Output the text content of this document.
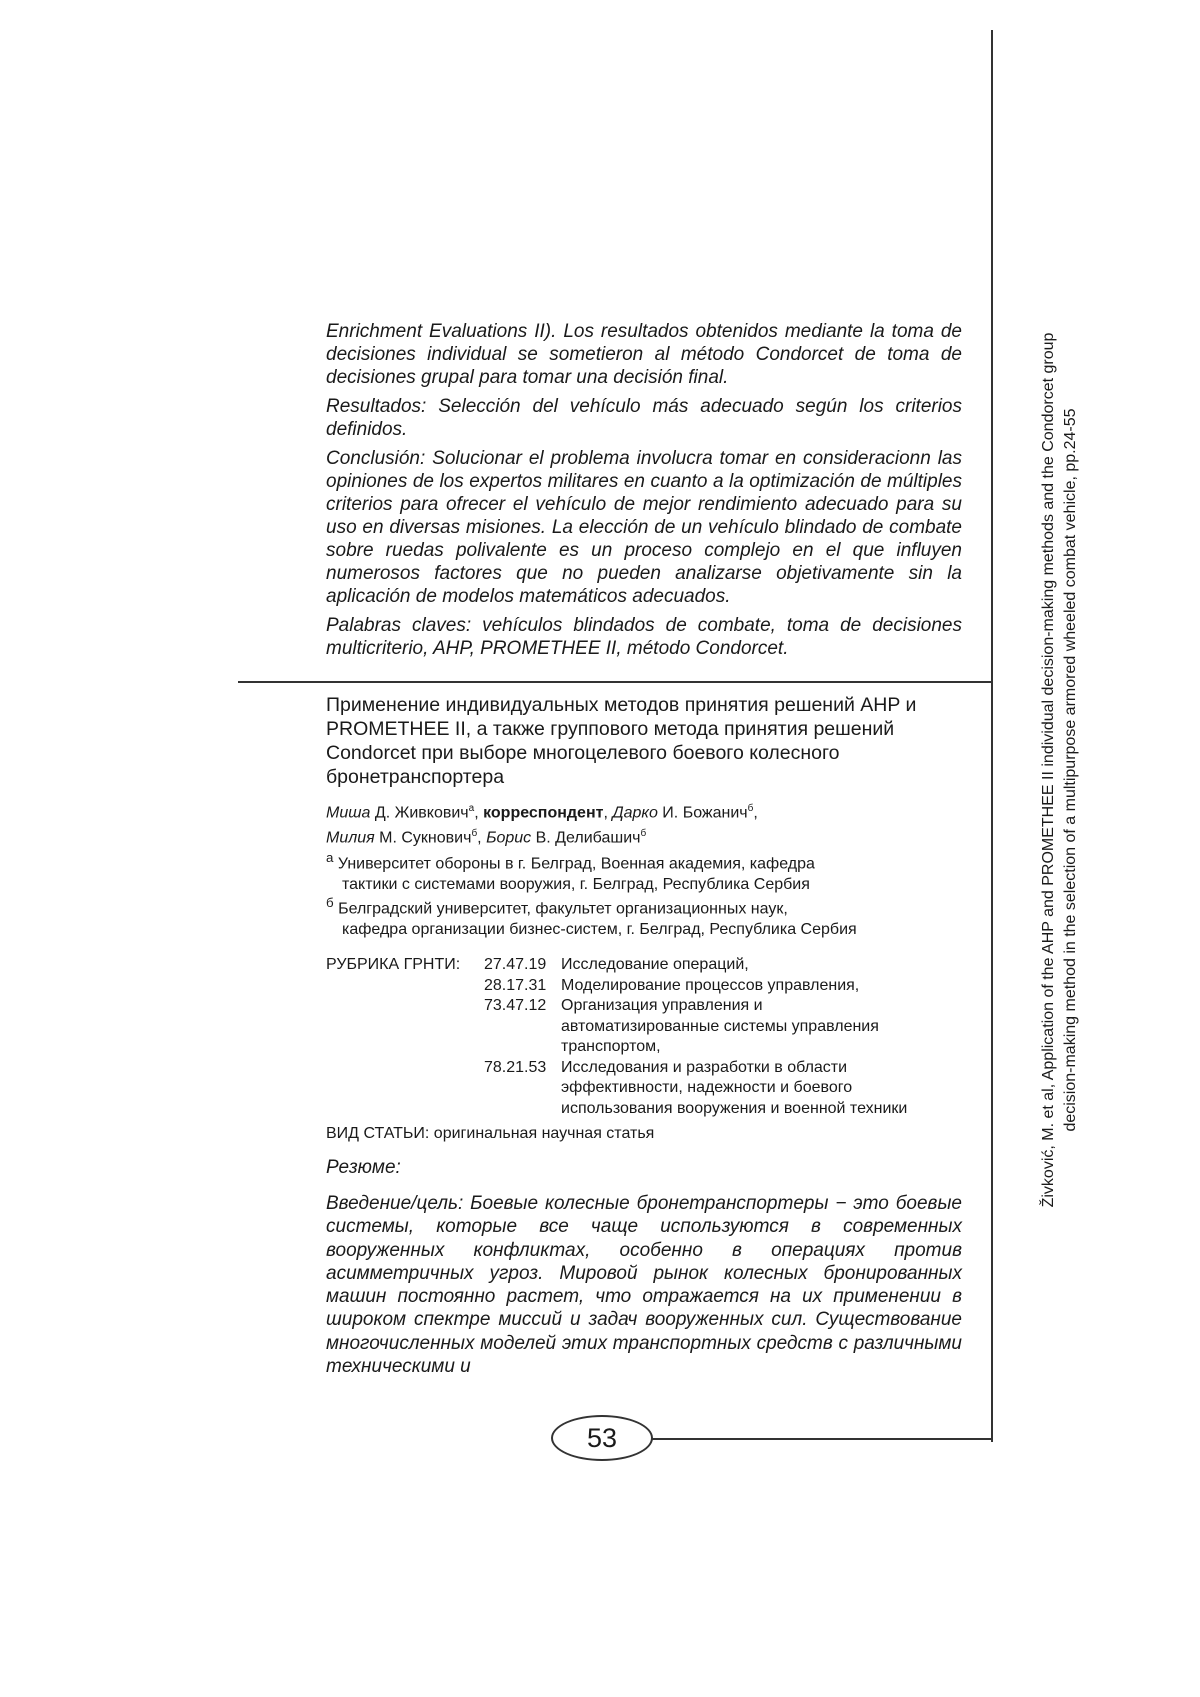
Enrichment Evaluations II). Los resultados obtenidos mediante la toma de decisiones individual se sometieron al método Condorcet de toma de decisiones grupal para tomar una decisión final.

Resultados: Selección del vehículo más adecuado según los criterios definidos.

Conclusión: Solucionar el problema involucra tomar en consideracionn las opiniones de los expertos militares en cuanto a la optimización de múltiples criterios para ofrecer el vehículo de mejor rendimiento adecuado para su uso en diversas misiones. La elección de un vehículo blindado de combate sobre ruedas polivalente es un proceso complejo en el que influyen numerosos factores que no pueden analizarse objetivamente sin la aplicación de modelos matemáticos adecuados.

Palabras claves: vehículos blindados de combate, toma de decisiones multicriterio, AHP, PROMETHEE II, método Condorcet.

Применение индивидуальных методов принятия решений AHP и PROMETHEE II, а также группового метода принятия решений Condorcet при выборе многоцелевого боевого колесного бронетранспортера

Миша Д. Живкович$^а$, корреспондент, Дарко И. Божанич$^б$,
Милия М. Сукнович$^б$, Борис В. Делибашич$^б$
$^а$ Университет обороны в г. Белград, Военная академия, кафедра
тактики с системами вооружия, г. Белград, Республика Сербия
$^б$ Белградский университет, факультет организационных наук,
кафедра организации бизнес-систем, г. Белград, Республика Сербия
РУБРИКА ГРНТИ:	27.47.19 Исследование операций,
28.17.31 Моделирование процессов управления,
73.47.12 Организация управления и
автоматизированные системы управления
транспортом,
78.21.53 Исследования и разработки в области
эффективности, надежности и боевого
использования вооружения и военной техники
ВИД СТАТЬИ: оригинальная научная статья
Резюме:

Введение/цель: Боевые колесные бронетранспортеры − это боевые системы, которые все чаще используются в современных вооруженных конфликтах, особенно в операциях против асимметричных угроз. Мировой рынок колесных бронированных машин постоянно растет, что отражается на их применении в широком спектре миссий и задач вооруженных сил. Существование многочисленных моделей этих транспортных средств с различными техническими и

53
Živković, M. et al, Application of the AHP and PROMETHEE II individual decision-making methods and the Condorcet group decision-making method in the selection of a multipurpose armored wheeled combat vehicle, pp.24-55
